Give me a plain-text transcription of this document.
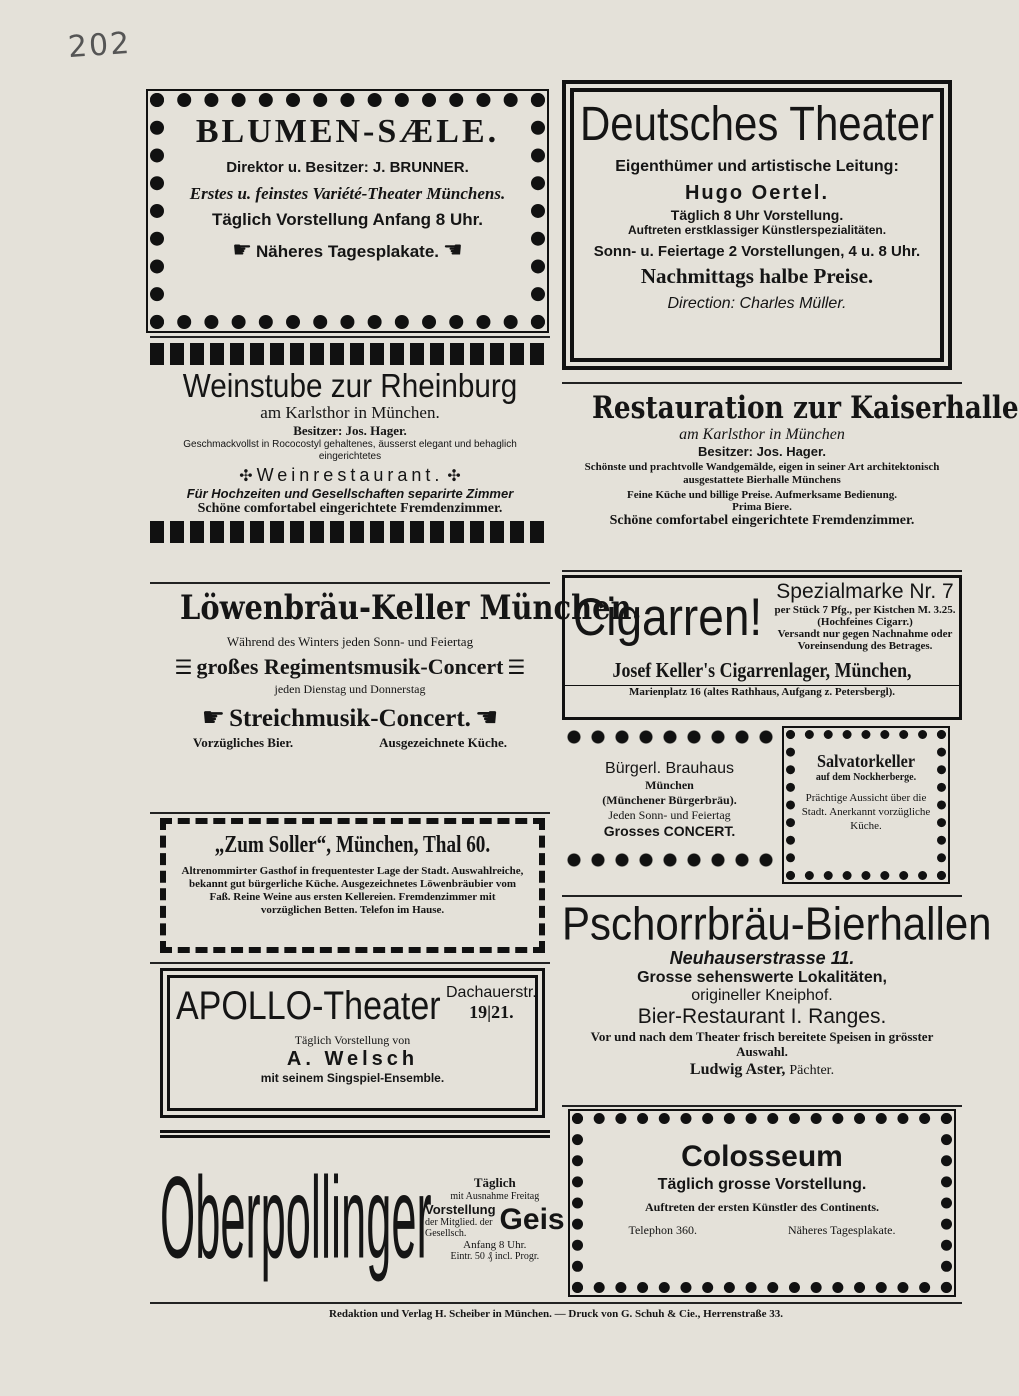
202
BLUMEN-SÆLE.
Direktor u. Besitzer: J. BRUNNER.
Erstes u. feinstes Variété-Theater Münchens.
Täglich Vorstellung Anfang 8 Uhr.
☛ Näheres Tagesplakate. ☚
Deutsches Theater
Eigenthümer und artistische Leitung:
Hugo Oertel.
Täglich 8 Uhr Vorstellung.
Auftreten erstklassiger Künstlerspezialitäten.
Sonn- u. Feiertage 2 Vorstellungen, 4 u. 8 Uhr.
Nachmittags halbe Preise.
Direction: Charles Müller.
Weinstube zur Rheinburg
am Karlsthor in München.
Besitzer: Jos. Hager.
Geschmackvollst in Rococostyl gehaltenes, äusserst elegant und behaglich eingerichtetes
✣ Weinrestaurant. ✣
Für Hochzeiten und Gesellschaften separirte Zimmer
Schöne comfortabel eingerichtete Fremdenzimmer.
Restauration zur Kaiserhalle
am Karlsthor in München
Besitzer: Jos. Hager.
Schönste und prachtvolle Wandgemälde, eigen in seiner Art architektonisch ausgestattete Bierhalle Münchens
Feine Küche und billige Preise. Aufmerksame Bedienung.
Prima Biere.
Schöne comfortabel eingerichtete Fremdenzimmer.
Löwenbräu-Keller München.
Während des Winters jeden Sonn- und Feiertag
☰ großes Regimentsmusik-Concert ☰
jeden Dienstag und Donnerstag
☛ Streichmusik-Concert. ☚
Vorzügliches Bier.	Ausgezeichnete Küche.
Cigarren! Spezialmarke Nr. 7
per Stück 7 Pfg., per Kistchen M. 3.25. (Hochfeines Cigarr.)
Versandt nur gegen Nachnahme oder Voreinsendung des Betrages.
Josef Keller's Cigarrenlager, München,
Marienplatz 16 (altes Rathhaus, Aufgang z. Petersbergl).
Bürgerl. Brauhaus
München
(Münchener Bürgerbräu).
Jeden Sonn- und Feiertag
Grosses CONCERT.
Salvatorkeller
auf dem Nockherberge.
Prächtige Aussicht über die Stadt. Anerkannt vorzügliche Küche.
„Zum Soller“, München, Thal 60.
Altrenommirter Gasthof in frequentester Lage der Stadt. Auswahlreiche, bekannt gut bürgerliche Küche. Ausgezeichnetes Löwenbräubier vom Faß. Reine Weine aus ersten Kellereien. Fremdenzimmer mit vorzüglichen Betten. Telefon im Hause.	Pschorrbräu-Bierhallen
Neuhauserstrasse 11.
Grosse sehenswerte Lokalitäten,
origineller Kneiphof.
Bier-Restaurant I. Ranges.
Vor und nach dem Theater frisch bereitete Speisen in grösster Auswahl.
Ludwig Aster, Pächter.
APOLLO-Theater Dachauerstr.
19|21.
Täglich Vorstellung von
A. Welsch
mit seinem Singspiel-Ensemble.
Colosseum
Täglich grosse Vorstellung.
Auftreten der ersten Künstler des Continents.
Telephon 360.	Näheres Tagesplakate.
Oberpollinger	Täglich
mit Ausnahme Freitag
Vorstellung
der Mitglied. der Gesellsch.	Geis
Anfang 8 Uhr.
Eintr. 50 ₰ incl. Progr.
Redaktion und Verlag H. Scheiber in München. — Druck von G. Schuh & Cie., Herrenstraße 33.
